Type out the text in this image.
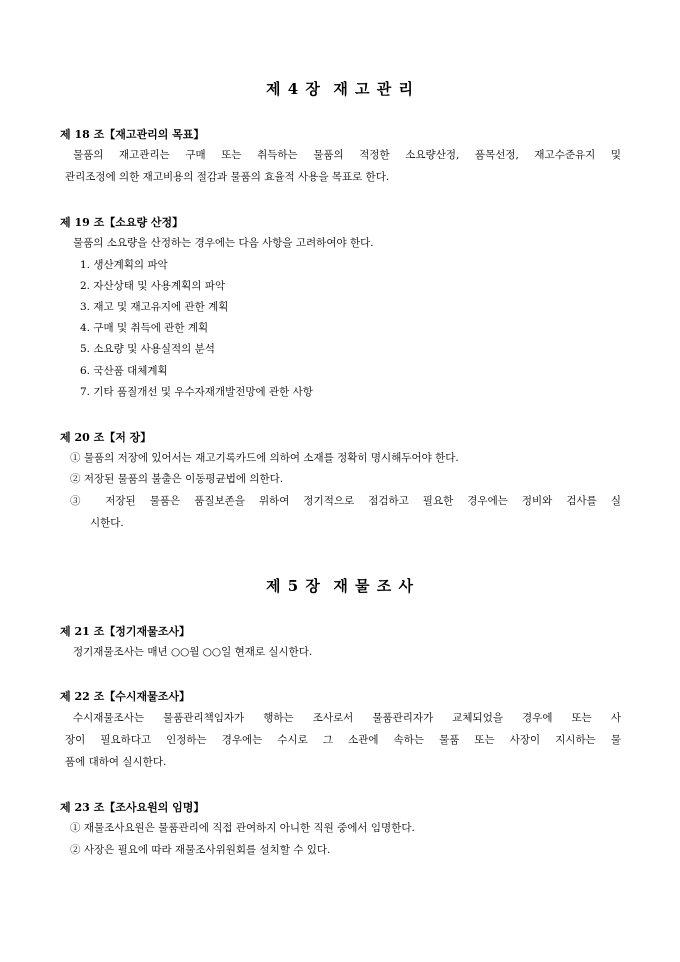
제 4 장  재 고 관 리
제 18 조【재고관리의 목표】
물품의 재고관리는 구매 또는 취득하는 물품의 적정한 소요량산정, 품목선정, 재고수준유지 및
관리조정에 의한 재고비용의 절감과 물품의 효율적 사용을 목표로 한다.
제 19 조【소요량 산정】
물품의 소요량을 산정하는 경우에는 다음 사항을 고려하여야 한다.
1. 생산계획의 파악
2. 자산상태 및 사용계획의 파악
3. 재고 및 재고유지에 관한 계획
4. 구매 및 취득에 관한 계획
5. 소요량 및 사용실적의 분석
6. 국산품 대체계획
7. 기타 품질개선 및 우수자재개발전망에 관한 사항
제 20 조【저 장】
① 물품의 저장에 있어서는 재고기록카드에 의하여 소재를 정확히 명시해두어야 한다.
② 저장된 물품의 불출은 이동평균법에 의한다.
③ 저장된 물품은 품질보존을 위하여 정기적으로 점검하고 필요한 경우에는 정비와 검사를 실
시한다.
제 5 장  재 물 조 사
제 21 조【정기재물조사】
정기재물조사는 매년 ○○월 ○○일 현재로 실시한다.
제 22 조【수시재물조사】
수시재물조사는 물품관리책임자가 행하는 조사로서 물품관리자가 교체되었을 경우에 또는 사
장이 필요하다고 인정하는 경우에는 수시로 그 소관에 속하는 물품 또는 사장이 지시하는 물
품에 대하여 실시한다.
제 23 조【조사요원의 임명】
① 재물조사요원은 물품관리에 직접 관여하지 아니한 직원 중에서 임명한다.
② 사장은 필요에 따라 재물조사위원회를 설치할 수 있다.
